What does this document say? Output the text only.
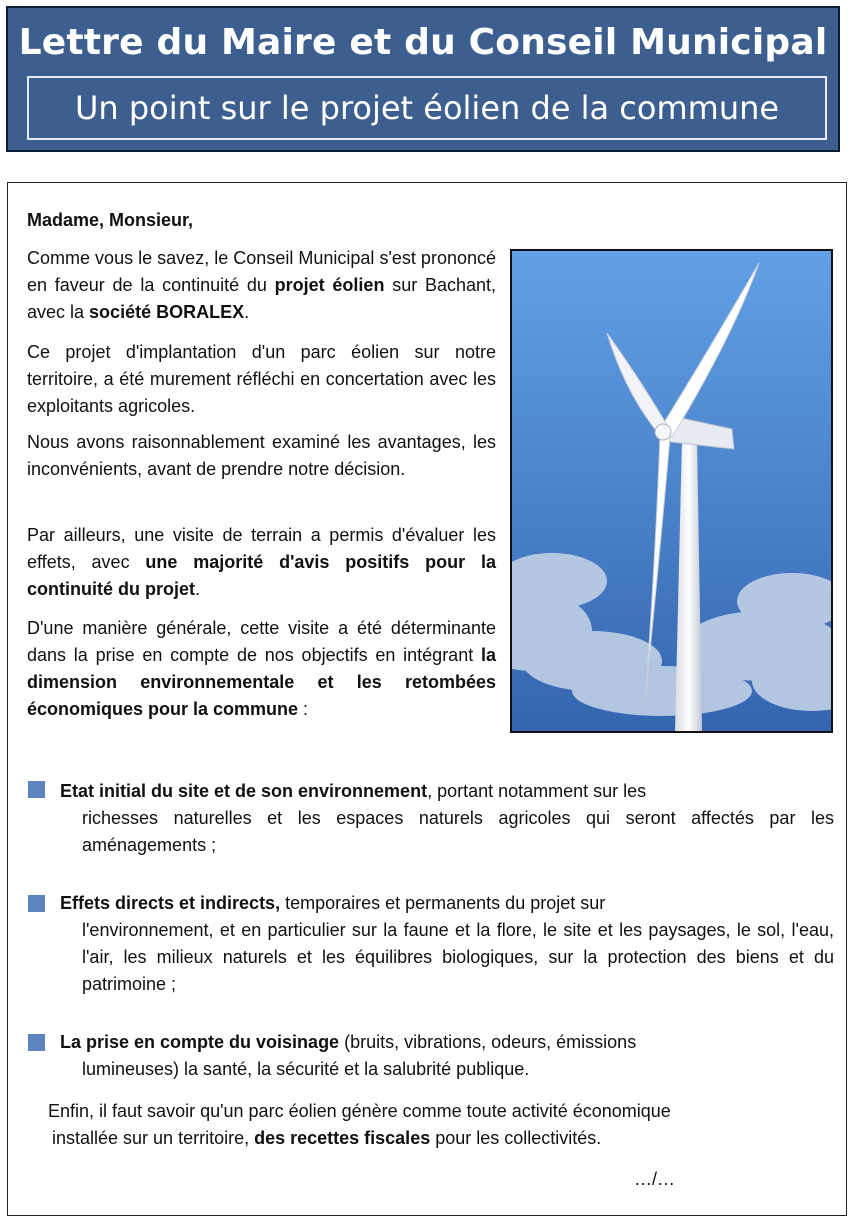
Lettre du Maire et du Conseil Municipal
Un point sur le projet éolien de la commune
Madame, Monsieur,

Comme vous le savez, le Conseil Municipal s'est prononcé en faveur de la continuité du projet éolien sur Bachant, avec la société BORALEX.

Ce projet d'implantation d'un parc éolien sur notre territoire, a été murement réfléchi en concertation avec les exploitants agricoles.

Nous avons raisonnablement examiné les avantages, les inconvénients, avant de prendre notre décision.

Par ailleurs, une visite de terrain a permis d'évaluer les effets, avec une majorité d'avis positifs pour la continuité du projet.

D'une manière générale, cette visite a été déterminante dans la prise en compte de nos objectifs en intégrant la dimension environnementale et les retombées économiques pour la commune :

Etat initial du site et de son environnement, portant notamment sur les
richesses naturelles et les espaces naturels agricoles qui seront affectés par les aménagements ;

Effets directs et indirects, temporaires et permanents du projet sur
l'environnement, et en particulier sur la faune et la flore, le site et les paysages, le sol, l'eau, l'air, les milieux naturels et les équilibres biologiques, sur la protection des biens et du patrimoine ;

La prise en compte du voisinage (bruits, vibrations, odeurs, émissions
lumineuses) la santé, la sécurité et la salubrité publique.

Enfin, il faut savoir qu'un parc éolien génère comme toute activité économique
installée sur un territoire, des recettes fiscales pour les collectivités.

…/…
